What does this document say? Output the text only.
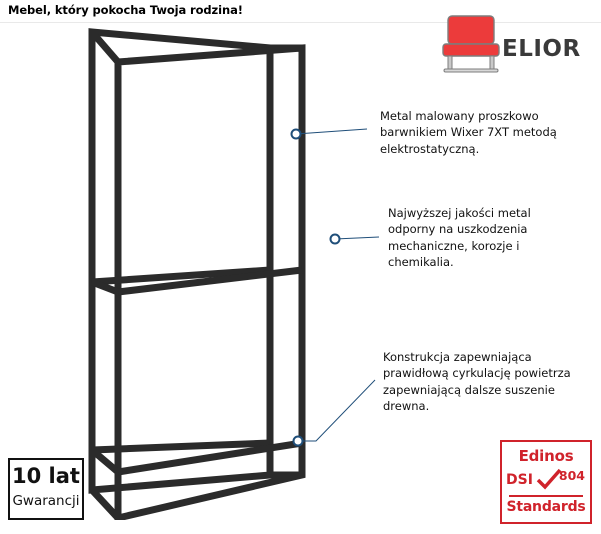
Mebel, który pokocha Twoja rodzina!
ELIOR
Metal malowany proszkowo barwnikiem Wixer 7XT metodą elektrostatyczną.
Najwyższej jakości metal odporny na uszkodzenia mechaniczne, korozje i chemikalia.
Konstrukcja zapewniająca prawidłową cyrkulację powietrza zapewniającą dalsze suszenie drewna.
10 lat
Gwarancji
Edinos
DSI 804
Standards
